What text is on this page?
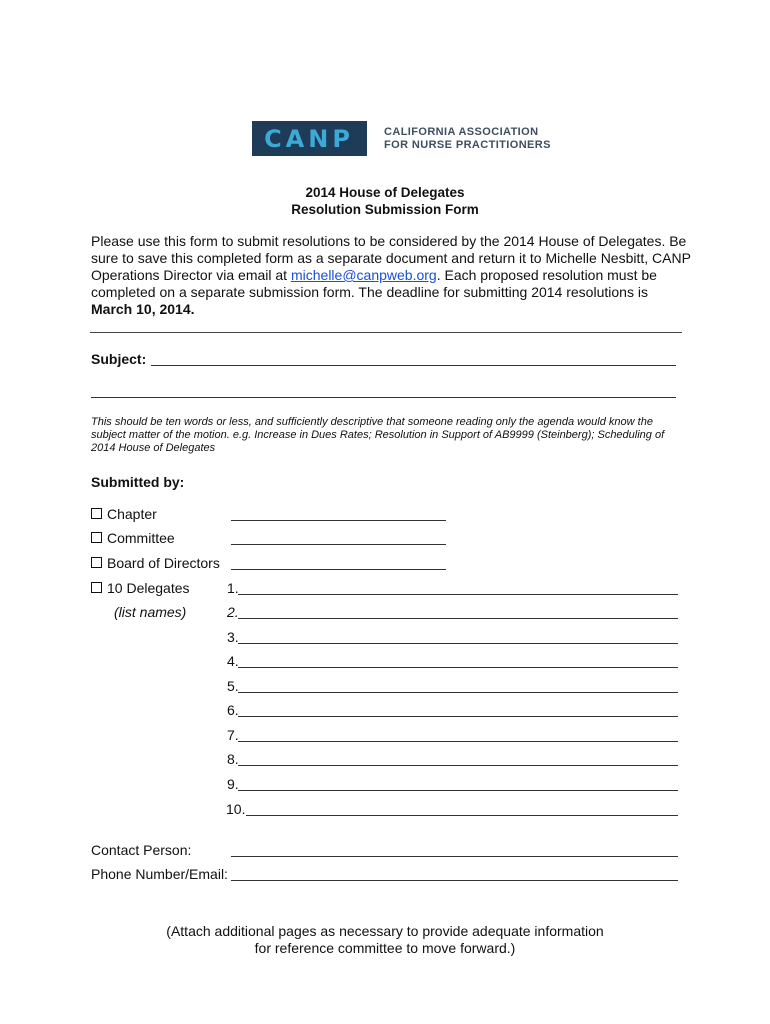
CANP	CALIFORNIA ASSOCIATION
FOR NURSE PRACTITIONERS
2014 House of Delegates
Resolution Submission Form
Please use this form to submit resolutions to be considered by the 2014 House of Delegates. Be sure to save this completed form as a separate document and return it to Michelle Nesbitt, CANP Operations Director via email at michelle@canpweb.org. Each proposed resolution must be completed on a separate submission form. The deadline for submitting 2014 resolutions is March 10, 2014.
Subject:
This should be ten words or less, and sufficiently descriptive that someone reading only the agenda would know the subject matter of the motion. e.g. Increase in Dues Rates; Resolution in Support of AB9999 (Steinberg); Scheduling of 2014 House of Delegates
Submitted by:
Chapter
Committee
Board of Directors
10 Delegates
(list names)
1.
2.
3.
4.
5.
6.
7.
8.
9.
10.
Contact Person:
Phone Number/Email:
(Attach additional pages as necessary to provide adequate information
for reference committee to move forward.)
